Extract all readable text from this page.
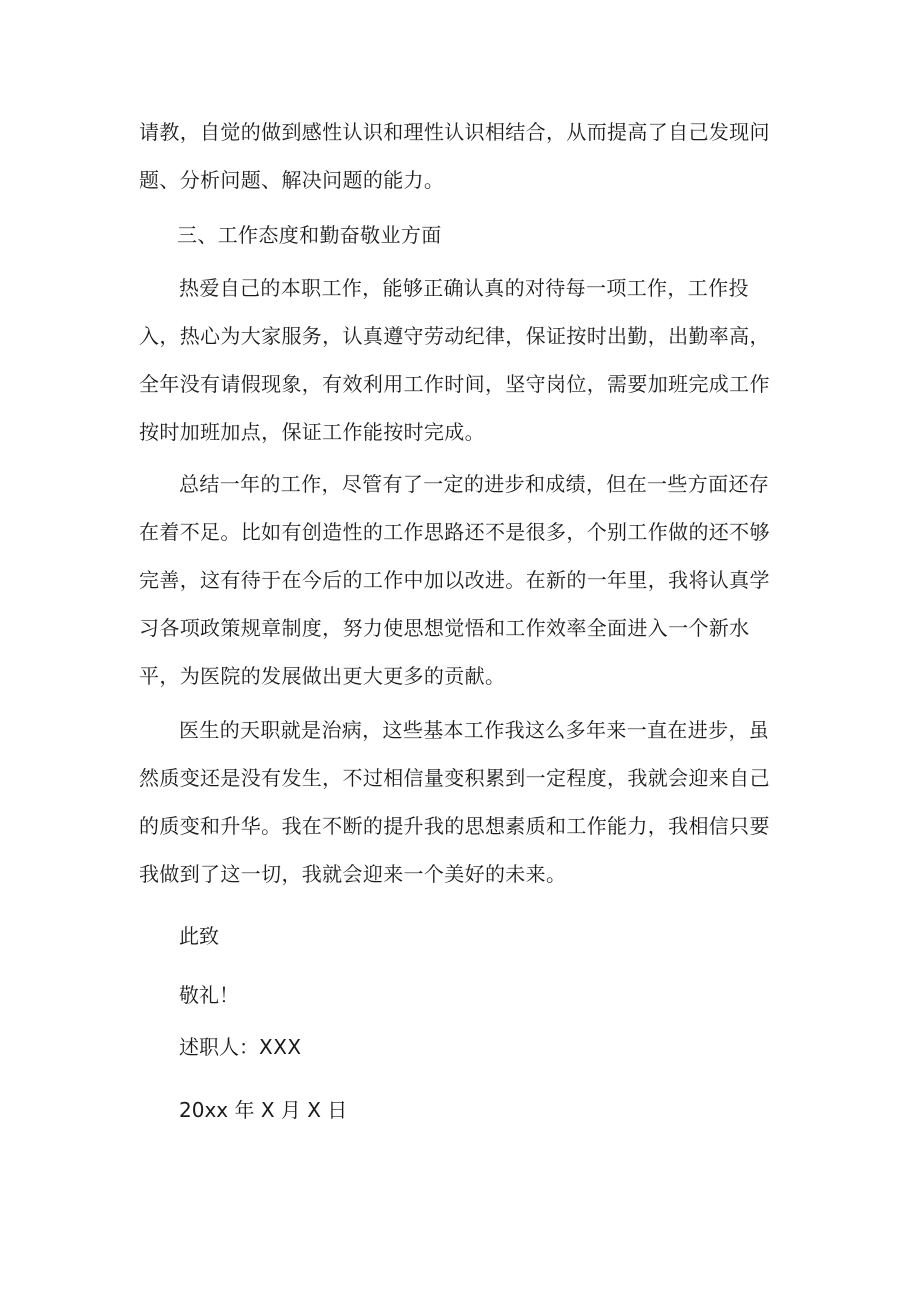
请教，自觉的做到感性认识和理性认识相结合，从而提高了自己发现问题、分析问题、解决问题的能力。

三、工作态度和勤奋敬业方面

热爱自己的本职工作，能够正确认真的对待每一项工作，工作投入，热心为大家服务，认真遵守劳动纪律，保证按时出勤，出勤率高，全年没有请假现象，有效利用工作时间，坚守岗位，需要加班完成工作按时加班加点，保证工作能按时完成。

总结一年的工作，尽管有了一定的进步和成绩，但在一些方面还存在着不足。比如有创造性的工作思路还不是很多，个别工作做的还不够完善，这有待于在今后的工作中加以改进。在新的一年里，我将认真学习各项政策规章制度，努力使思想觉悟和工作效率全面进入一个新水平，为医院的发展做出更大更多的贡献。

医生的天职就是治病，这些基本工作我这么多年来一直在进步，虽然质变还是没有发生，不过相信量变积累到一定程度，我就会迎来自己的质变和升华。我在不断的提升我的思想素质和工作能力，我相信只要我做到了这一切，我就会迎来一个美好的未来。

此致

敬礼！

述职人：XXX

20xx 年 X 月 X 日
